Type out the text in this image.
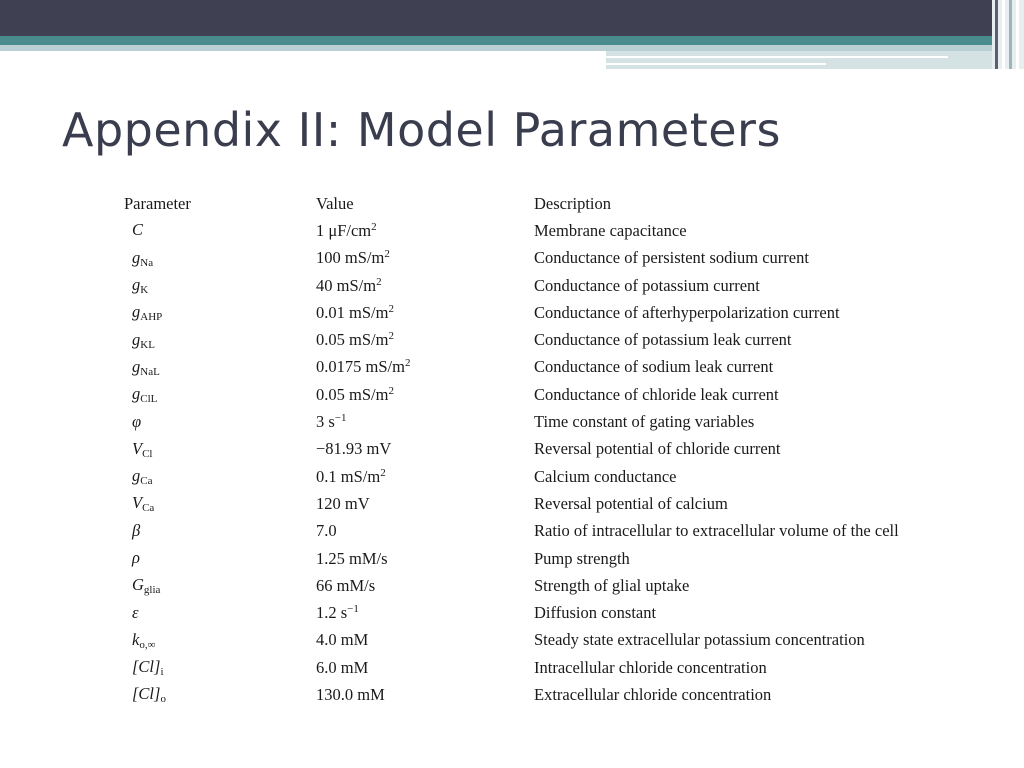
Appendix II: Model Parameters
Parameter	Value	Description
C	1 $\mu F/cm^2$	Membrane capacitance
$g_{Na}$	100 $mS/m^2$	Conductance of persistent sodium current
$g_K$	40 $mS/m^2$	Conductance of potassium current
$g_{AHP}$	0.01 $mS/m^2$	Conductance of afterhyperpolarization current
$g_{KL}$	0.05 $mS/m^2$	Conductance of potassium leak current
$g_{NaL}$	0.0175 $mS/m^2$	Conductance of sodium leak current
$g_{ClL}$	0.05 $mS/m^2$	Conductance of chloride leak current
φ	3 $s^{-1}$	Time constant of gating variables
$V_{Cl}$	−81.93 mV	Reversal potential of chloride current
$g_{Ca}$	0.1 $mS/m^2$	Calcium conductance
$V_{Ca}$	120 mV	Reversal potential of calcium
β	7.0	Ratio of intracellular to extracellular volume of the cell
ρ	1.25 mM/s	Pump strength
$G_{glia}$	66 mM/s	Strength of glial uptake
ε	1.2 $s^{-1}$	Diffusion constant
$k_{o,\infty}$	4.0 mM	Steady state extracellular potassium concentration
$[Cl]_i$	6.0 mM	Intracellular chloride concentration
$[Cl]_o$	130.0 mM	Extracellular chloride concentration
